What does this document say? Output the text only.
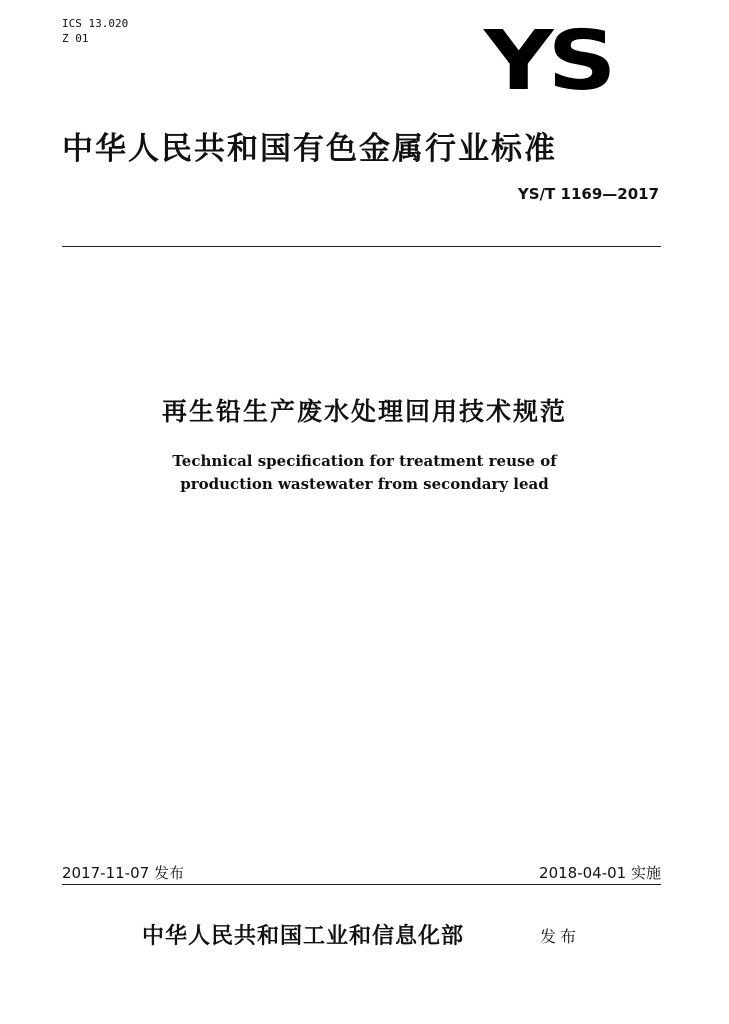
ICS 13.020
Z 01	YS
中华人民共和国有色金属行业标准
YS/T 1169—2017
再生铅生产废水处理回用技术规范
Technical specification for treatment reuse of
production wastewater from secondary lead
2017-11-07 发布	2018-04-01 实施
中华人民共和国工业和信息化部	发布
